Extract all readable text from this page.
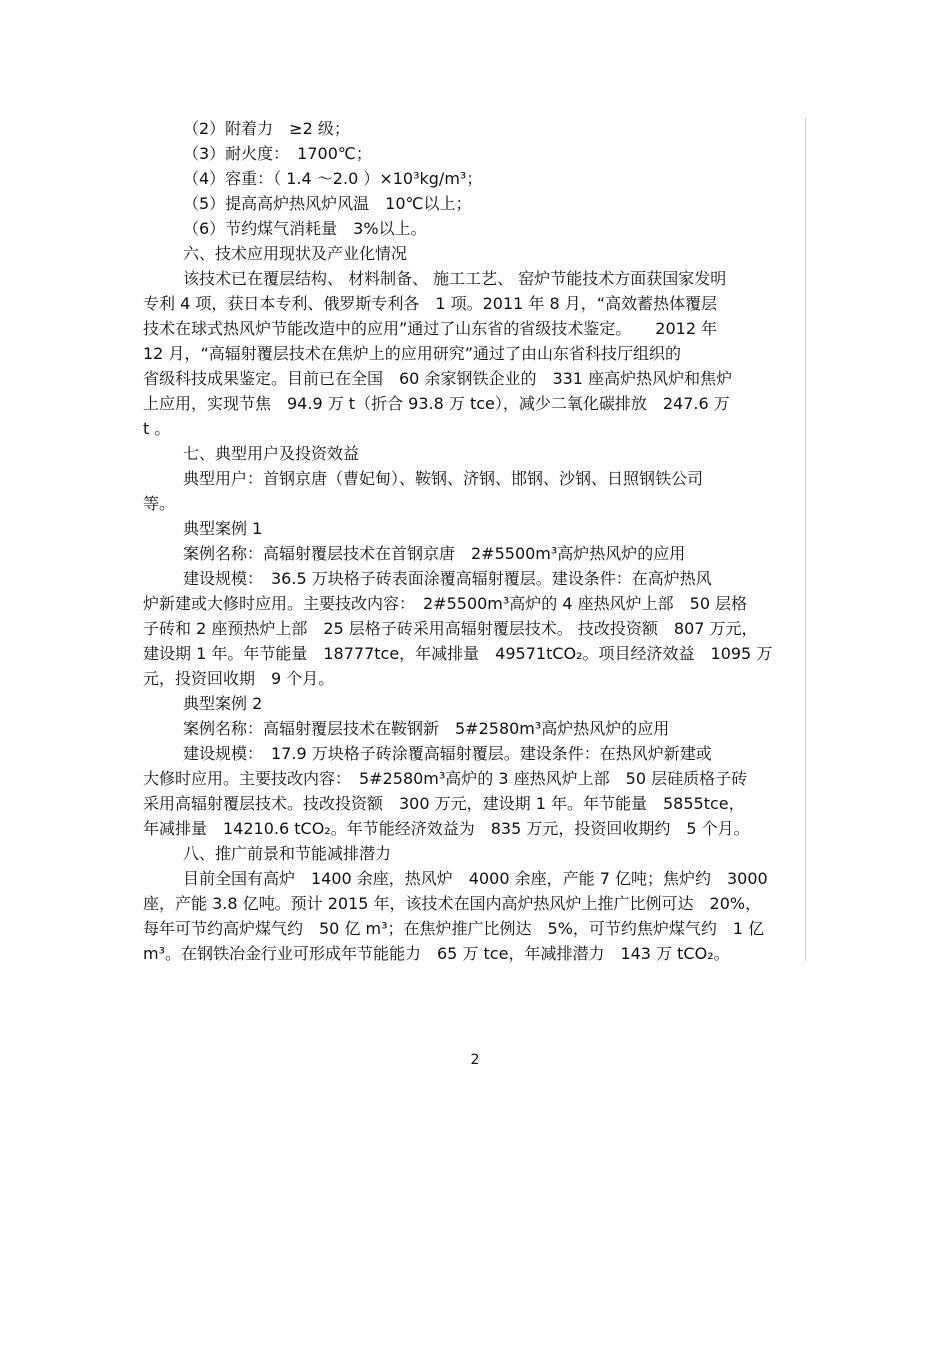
（2）附着力　≥2 级；
（3）耐火度：　1700℃；
（4）容重：（ 1.4 ～2.0 ）×10³kg/m³；
（5）提高高炉热风炉风温　10℃以上；
（6）节约煤气消耗量　3%以上。
六、技术应用现状及产业化情况
该技术已在覆层结构、 材料制备、 施工工艺、 窑炉节能技术方面获国家发明
专利 4 项，获日本专利、俄罗斯专利各　1 项。2011 年 8 月，“高效蓄热体覆层
技术在球式热风炉节能改造中的应用”通过了山东省的省级技术鉴定。　　2012 年
12 月，“高辐射覆层技术在焦炉上的应用研究”通过了由山东省科技厅组织的
省级科技成果鉴定。目前已在全国　60 余家钢铁企业的　331 座高炉热风炉和焦炉
上应用，实现节焦　94.9 万 t（折合 93.8 万 tce），减少二氧化碳排放　247.6 万
t 。
七、典型用户及投资效益
典型用户：首钢京唐（曹妃甸）、鞍钢、济钢、邯钢、沙钢、日照钢铁公司
等。
典型案例 1
案例名称：高辐射覆层技术在首钢京唐　2#5500m³高炉热风炉的应用
建设规模：　36.5 万块格子砖表面涂覆高辐射覆层。建设条件：在高炉热风
炉新建或大修时应用。主要技改内容：　2#5500m³高炉的 4 座热风炉上部　50 层格
子砖和 2 座预热炉上部　25 层格子砖采用高辐射覆层技术。 技改投资额　807 万元，
建设期 1 年。年节能量　18777tce，年减排量　49571tCO₂。项目经济效益　1095 万
元，投资回收期　9 个月。
典型案例 2
案例名称：高辐射覆层技术在鞍钢新　5#2580m³高炉热风炉的应用
建设规模：　17.9 万块格子砖涂覆高辐射覆层。建设条件：在热风炉新建或
大修时应用。主要技改内容：　5#2580m³高炉的 3 座热风炉上部　50 层硅质格子砖
采用高辐射覆层技术。技改投资额　300 万元，建设期 1 年。年节能量　5855tce，
年减排量　14210.6 tCO₂。年节能经济效益为　835 万元，投资回收期约　5 个月。
八、推广前景和节能减排潜力
目前全国有高炉　1400 余座，热风炉　4000 余座，产能 7 亿吨；焦炉约　3000
座，产能 3.8 亿吨。预计 2015 年，该技术在国内高炉热风炉上推广比例可达　20%，
每年可节约高炉煤气约　50 亿 m³；在焦炉推广比例达　5%，可节约焦炉煤气约　1 亿
m³。在钢铁冶金行业可形成年节能能力　65 万 tce，年减排潜力　143 万 tCO₂。
2
